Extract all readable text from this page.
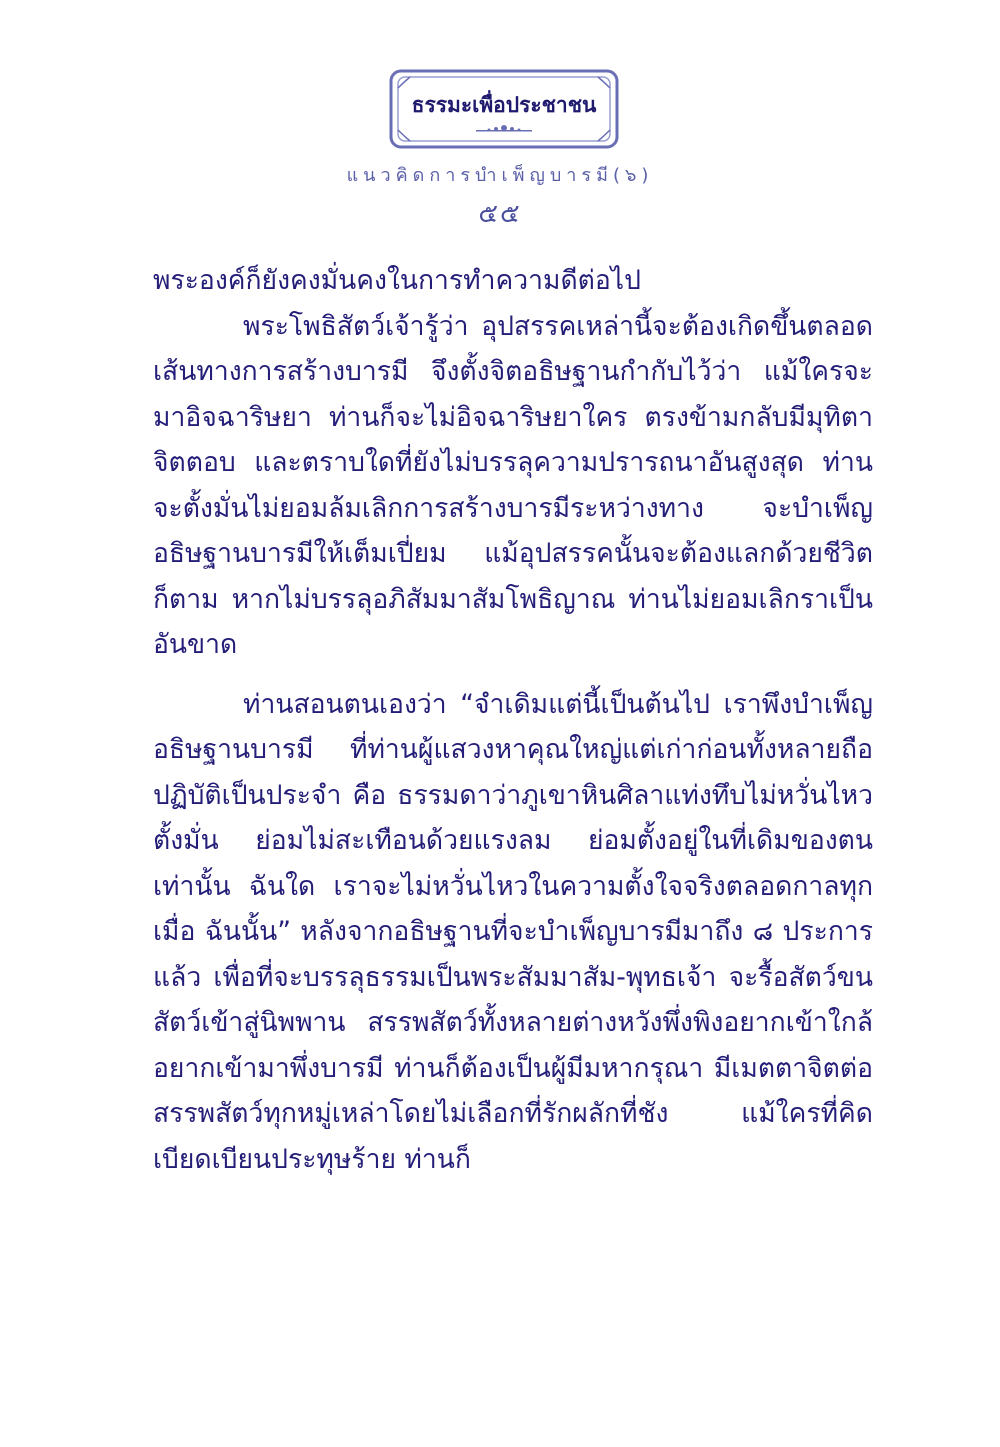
ธรรมะเพื่อประชาชน
แนวคิดการบำเพ็ญบารมี(๖)
๕๕

พระองค์ก็ยังคงมั่นคงในการทำความดีต่อไป

พระโพธิสัตว์เจ้ารู้ว่า อุปสรรคเหล่านี้จะต้องเกิดขึ้นตลอดเส้นทางการสร้างบารมี จึงตั้งจิตอธิษฐานกำกับไว้ว่า แม้ใครจะมาอิจฉาริษยา ท่านก็จะไม่อิจฉาริษยาใคร ตรงข้ามกลับมีมุทิตาจิตตอบ และตราบใดที่ยังไม่บรรลุความปรารถนาอันสูงสุด ท่านจะตั้งมั่นไม่ยอมล้มเลิกการสร้างบารมีระหว่างทาง จะบำเพ็ญอธิษฐานบารมีให้เต็มเปี่ยม แม้อุปสรรคนั้นจะต้องแลกด้วยชีวิตก็ตาม หากไม่บรรลุอภิสัมมาสัมโพธิญาณ ท่านไม่ยอมเลิกราเป็นอันขาด

ท่านสอนตนเองว่า “จำเดิมแต่นี้เป็นต้นไป เราพึงบำเพ็ญอธิษฐานบารมี ที่ท่านผู้แสวงหาคุณใหญ่แต่เก่าก่อนทั้งหลายถือปฏิบัติเป็นประจำ คือ ธรรมดาว่าภูเขาหินศิลาแท่งทึบไม่หวั่นไหว ตั้งมั่น ย่อมไม่สะเทือนด้วยแรงลม ย่อมตั้งอยู่ในที่เดิมของตนเท่านั้น ฉันใด เราจะไม่หวั่นไหวในความตั้งใจจริงตลอดกาลทุกเมื่อ ฉันนั้น” หลังจากอธิษฐานที่จะบำเพ็ญบารมีมาถึง ๘ ประการแล้ว เพื่อที่จะบรรลุธรรมเป็นพระสัมมาสัม-พุทธเจ้า จะรื้อสัตว์ขนสัตว์เข้าสู่นิพพาน สรรพสัตว์ทั้งหลายต่างหวังพึ่งพิงอยากเข้าใกล้ อยากเข้ามาพึ่งบารมี ท่านก็ต้องเป็นผู้มีมหากรุณา มีเมตตาจิตต่อสรรพสัตว์ทุกหมู่เหล่าโดยไม่เลือกที่รักผลักที่ชัง แม้ใครที่คิดเบียดเบียนประทุษร้าย ท่านก็
